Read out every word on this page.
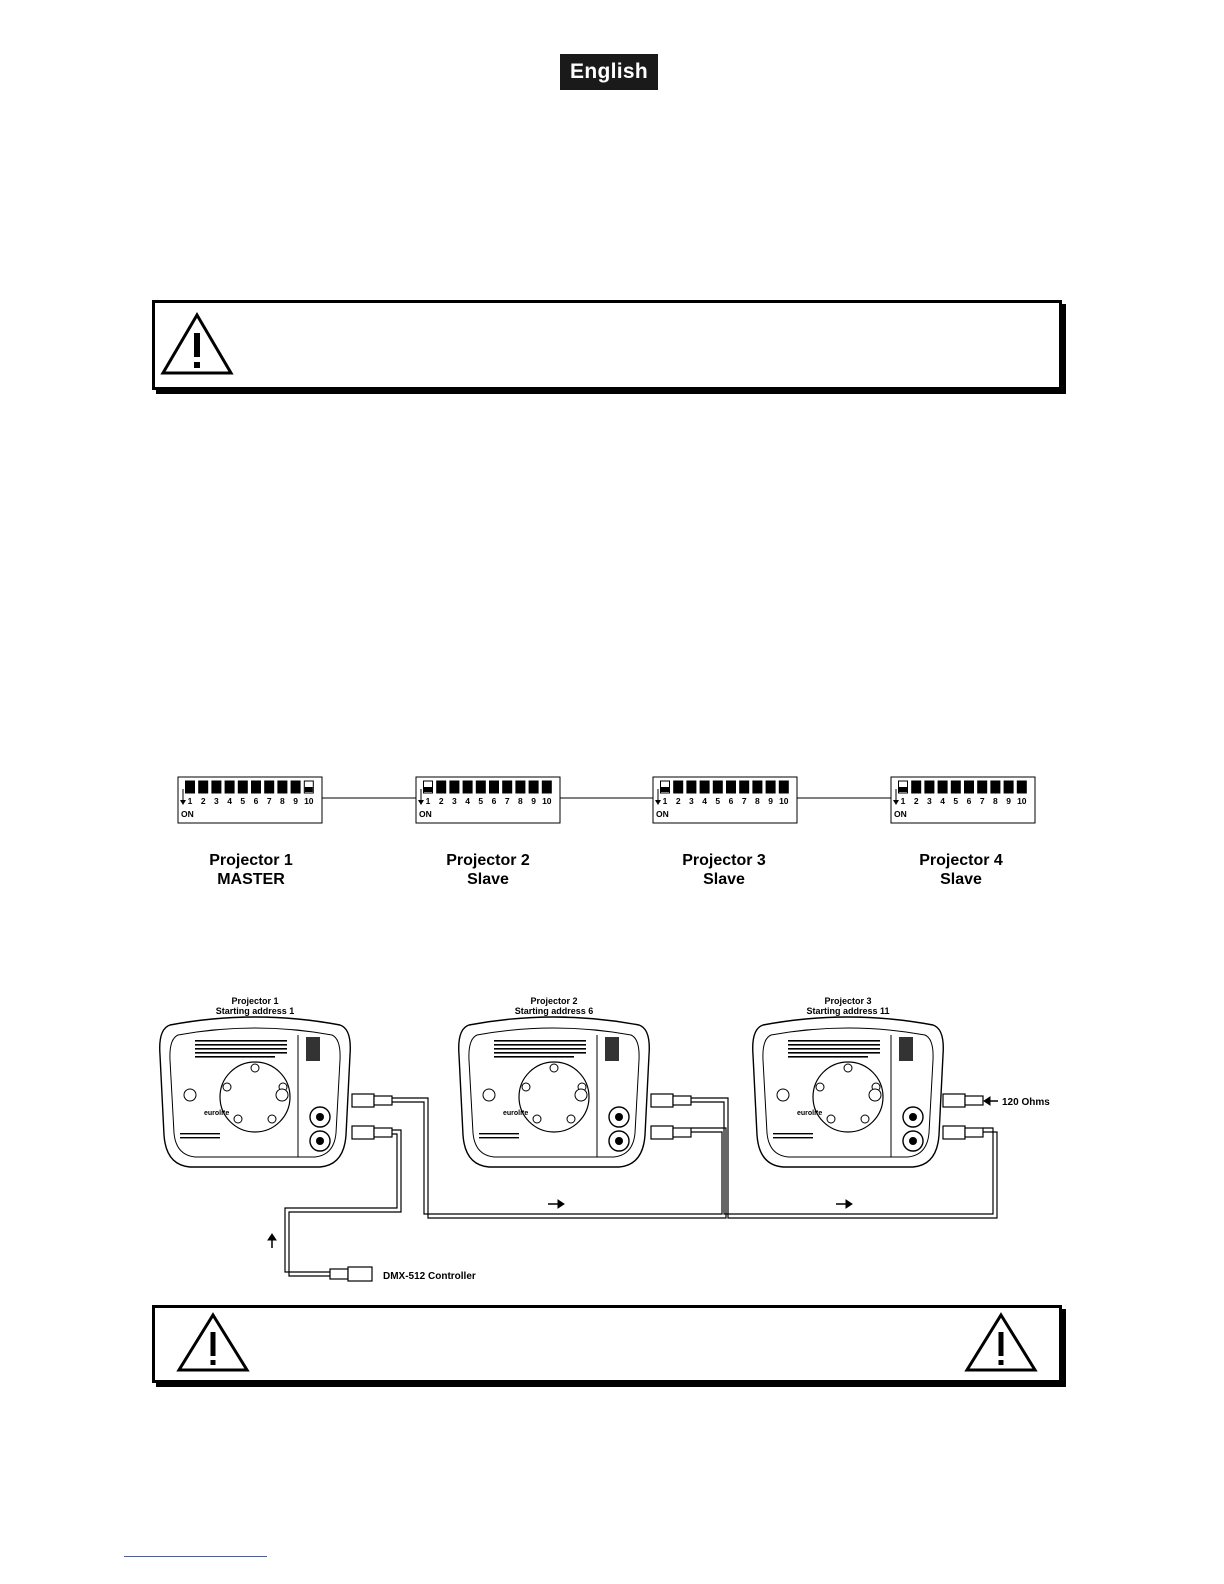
English
1 2 3 4 5 6 7 8 9 10
ON
1 2 3 4 5 6 7 8 9 10
ON
1 2 3 4 5 6 7 8 9 10
ON
1 2 3 4 5 6 7 8 9 10
ON
Projector 1
MASTER
Projector 2
Slave
Projector 3
Slave
Projector 4
Slave
Projector 1
Starting address 1
Projector 2
Starting address 6
Projector 3
Starting address 11
eurolite	eurolite	eurolite
120 Ohms
DMX-512 Controller
